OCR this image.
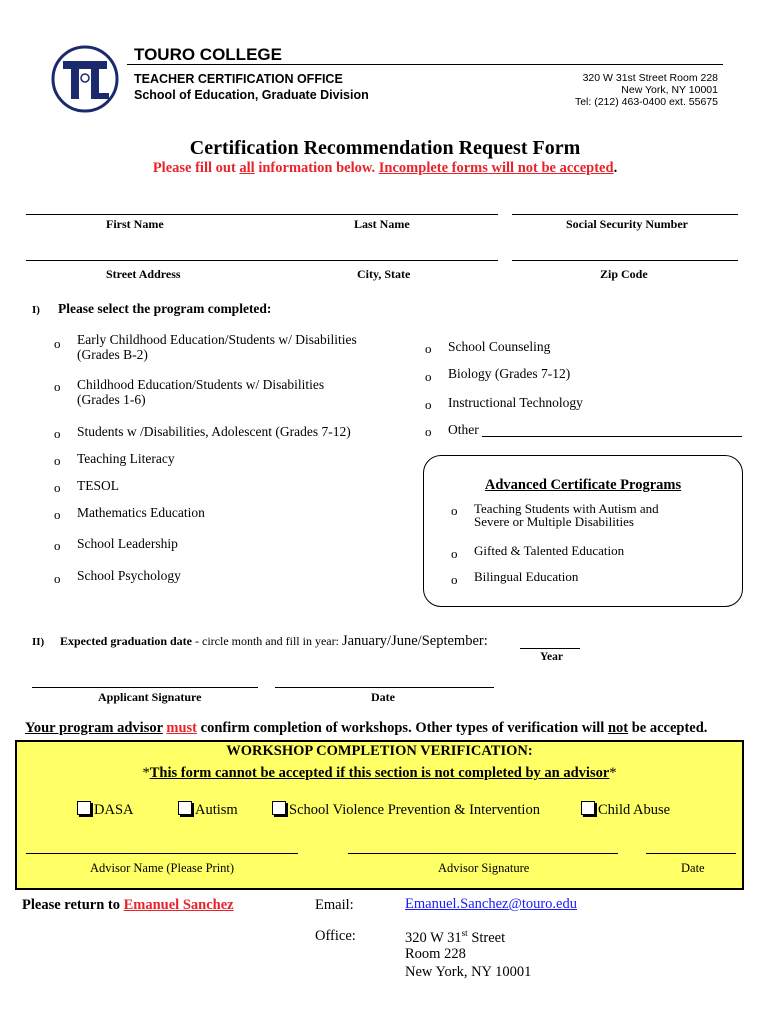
TOURO COLLEGE
TEACHER CERTIFICATION OFFICE
School of Education, Graduate Division
320 W 31st Street Room 228
New York, NY 10001
Tel: (212) 463-0400 ext. 55675
Certification Recommendation Request Form
Please fill out all information below. Incomplete forms will not be accepted.
First Name	Last Name	Social Security Number
Street Address	City, State	Zip Code
I) Please select the program completed:
o Early Childhood Education/Students w/ Disabilities
(Grades B-2)
o Childhood Education/Students w/ Disabilities
(Grades 1-6)
o Students w /Disabilities, Adolescent (Grades 7-12)
o Teaching Literacy
o TESOL
o Mathematics Education
o School Leadership
o School Psychology
o School Counseling
o Biology (Grades 7-12)
o Instructional Technology
o Other
Advanced Certificate Programs
o Teaching Students with Autism and
Severe or Multiple Disabilities
o Gifted & Talented Education
o Bilingual Education
II) Expected graduation date - circle month and fill in year: January/June/September:
Year
Applicant Signature	Date
Your program advisor must confirm completion of workshops. Other types of verification will not be accepted.
WORKSHOP COMPLETION VERIFICATION:
*This form cannot be accepted if this section is not completed by an advisor*
DASA	Autism	School Violence Prevention & Intervention	Child Abuse
Advisor Name (Please Print)	Advisor Signature	Date
Please return to Emanuel Sanchez	Email:	Emanuel.Sanchez@touro.edu
Office:	320 W 31st Street
Room 228
New York, NY 10001
